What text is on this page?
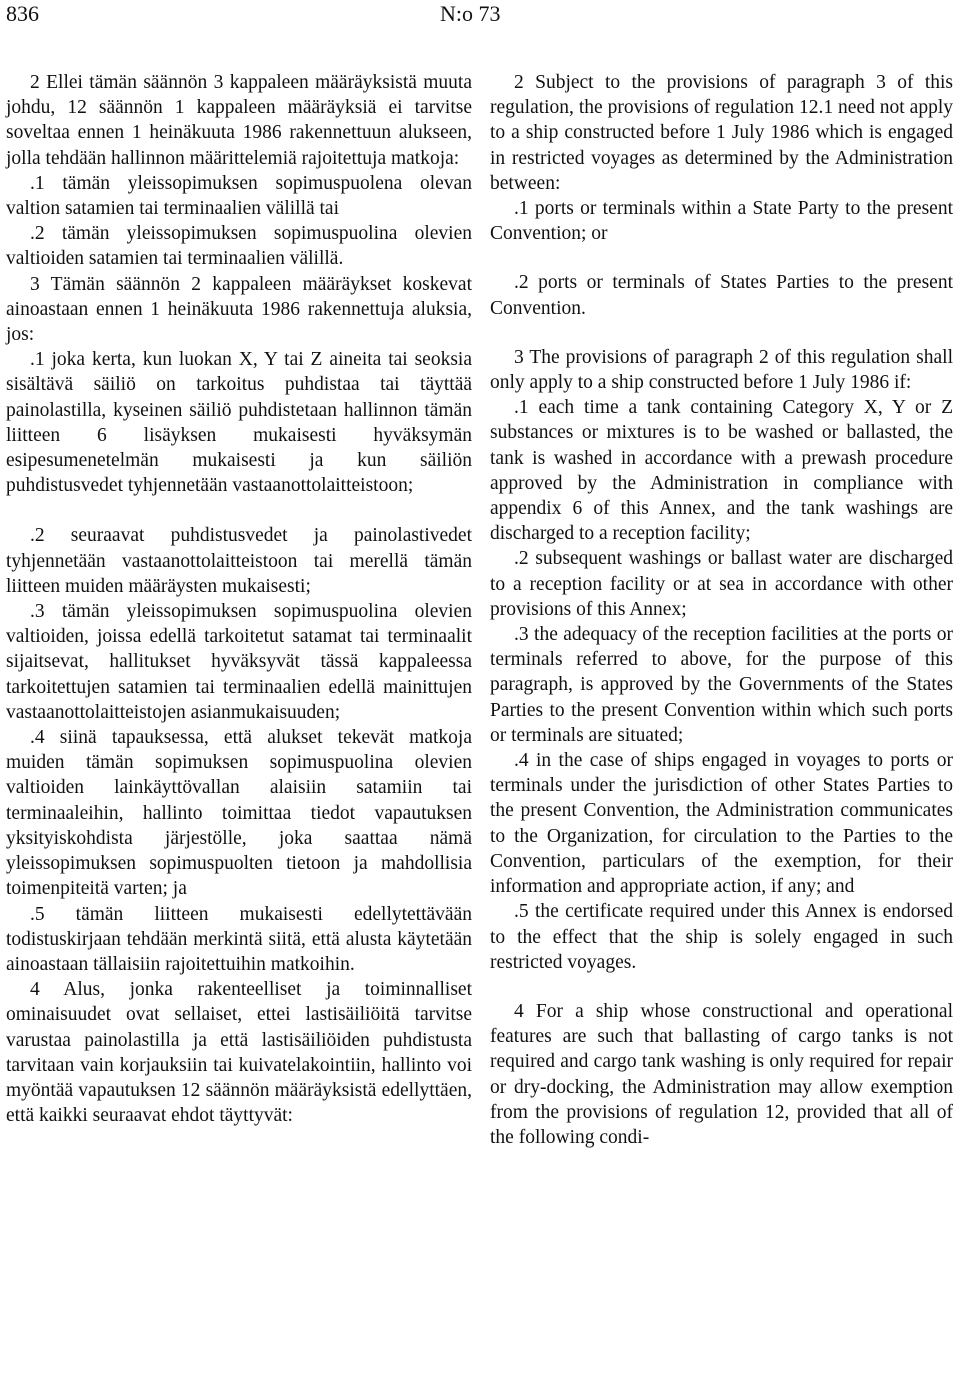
836	N:o 73

2 Ellei tämän säännön 3 kappaleen määräyksistä muuta johdu, 12 säännön 1 kappaleen määräyksiä ei tarvitse soveltaa ennen 1 heinäkuuta 1986 rakennettuun alukseen, jolla tehdään hallinnon määrittelemiä rajoitettuja matkoja:

.1 tämän yleissopimuksen sopimuspuolena olevan valtion satamien tai terminaalien välillä tai

.2 tämän yleissopimuksen sopimuspuolina olevien valtioiden satamien tai terminaalien välillä.

3 Tämän säännön 2 kappaleen määräykset koskevat ainoastaan ennen 1 heinäkuuta 1986 rakennettuja aluksia, jos:

.1 joka kerta, kun luokan X, Y tai Z aineita tai seoksia sisältävä säiliö on tarkoitus puhdistaa tai täyttää painolastilla, kyseinen säiliö puhdistetaan hallinnon tämän liitteen 6 lisäyksen mukaisesti hyväksymän esipesumenetelmän mukaisesti ja kun säiliön puhdistusvedet tyhjennetään vastaanottolaitteistoon;

.2 seuraavat puhdistusvedet ja painolastivedet tyhjennetään vastaanottolaitteistoon tai merellä tämän liitteen muiden määräysten mukaisesti;

.3 tämän yleissopimuksen sopimuspuolina olevien valtioiden, joissa edellä tarkoitetut satamat tai terminaalit sijaitsevat, hallitukset hyväksyvät tässä kappaleessa tarkoitettujen satamien tai terminaalien edellä mainittujen vastaanottolaitteistojen asianmukaisuuden;

.4 siinä tapauksessa, että alukset tekevät matkoja muiden tämän sopimuksen sopimuspuolina olevien valtioiden lainkäyttövallan alaisiin satamiin tai terminaaleihin, hallinto toimittaa tiedot vapautuksen yksityiskohdista järjestölle, joka saattaa nämä yleissopimuksen sopimuspuolten tietoon ja mahdollisia toimenpiteitä varten; ja

.5 tämän liitteen mukaisesti edellytettävään todistuskirjaan tehdään merkintä siitä, että alusta käytetään ainoastaan tällaisiin rajoitettuihin matkoihin.

4 Alus, jonka rakenteelliset ja toiminnalliset ominaisuudet ovat sellaiset, ettei lastisäiliöitä tarvitse varustaa painolastilla ja että lastisäiliöiden puhdistusta tarvitaan vain korjauksiin tai kuivatelakointiin, hallinto voi myöntää vapautuksen 12 säännön määräyksistä edellyttäen, että kaikki seuraavat ehdot täyttyvät:

2 Subject to the provisions of paragraph 3 of this regulation, the provisions of regulation 12.1 need not apply to a ship constructed before 1 July 1986 which is engaged in restricted voyages as determined by the Administration between:

.1 ports or terminals within a State Party to the present Convention; or

.2 ports or terminals of States Parties to the present Convention.

3 The provisions of paragraph 2 of this regulation shall only apply to a ship constructed before 1 July 1986 if:

.1 each time a tank containing Category X, Y or Z substances or mixtures is to be washed or ballasted, the tank is washed in accordance with a prewash procedure approved by the Administration in compliance with appendix 6 of this Annex, and the tank washings are discharged to a reception facility;

.2 subsequent washings or ballast water are discharged to a reception facility or at sea in accordance with other provisions of this Annex;

.3 the adequacy of the reception facilities at the ports or terminals referred to above, for the purpose of this paragraph, is approved by the Governments of the States Parties to the present Convention within which such ports or terminals are situated;

.4 in the case of ships engaged in voyages to ports or terminals under the jurisdiction of other States Parties to the present Convention, the Administration communicates to the Organization, for circulation to the Parties to the Convention, particulars of the exemption, for their information and appropriate action, if any; and

.5 the certificate required under this Annex is endorsed to the effect that the ship is solely engaged in such restricted voyages.

4 For a ship whose constructional and operational features are such that ballasting of cargo tanks is not required and cargo tank washing is only required for repair or dry-docking, the Administration may allow exemption from the provisions of regulation 12, provided that all of the following condi-
